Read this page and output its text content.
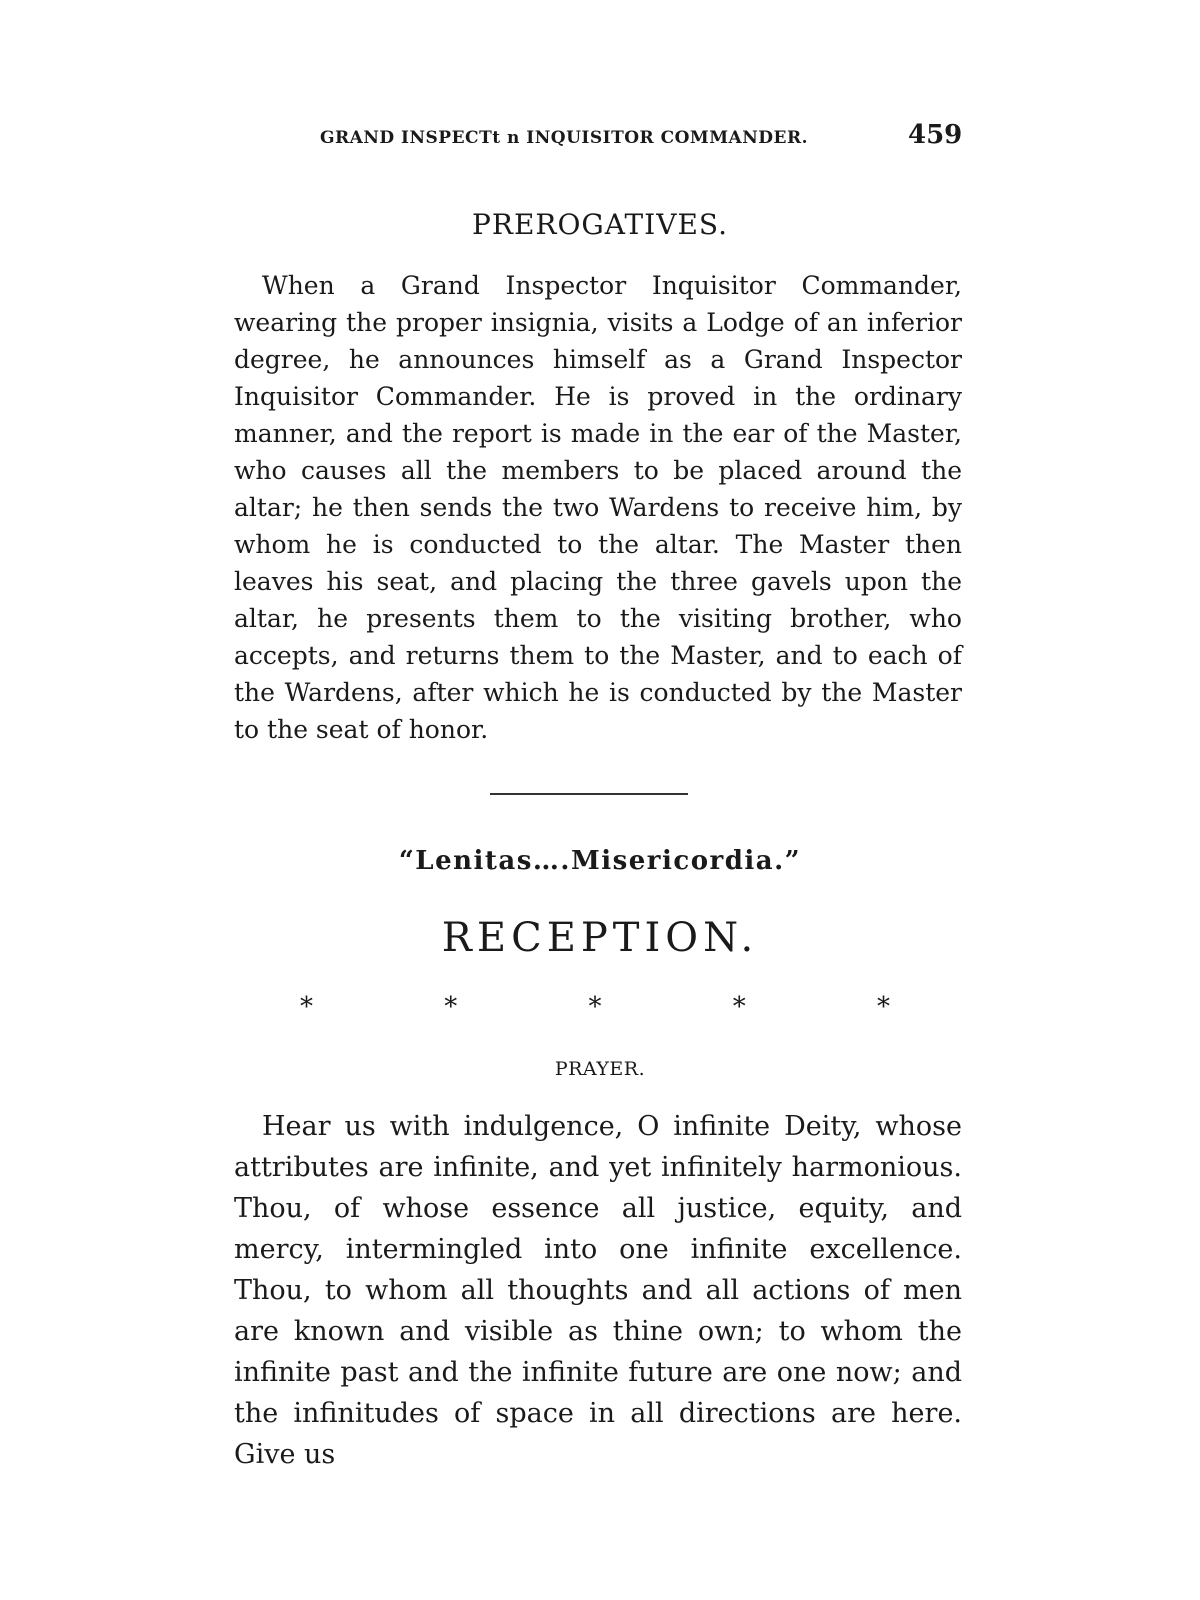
GRAND INSPECTt n INQUISITOR COMMANDER.	459
PREROGATIVES.

When a Grand Inspector Inquisitor Commander, wearing the proper insignia, visits a Lodge of an inferior degree, he announces himself as a Grand Inspector Inquisitor Commander. He is proved in the ordinary manner, and the report is made in the ear of the Master, who causes all the members to be placed around the altar; he then sends the two Wardens to receive him, by whom he is conducted to the altar. The Master then leaves his seat, and placing the three gavels upon the altar, he presents them to the visiting brother, who accepts, and returns them to the Master, and to each of the Wardens, after which he is conducted by the Master to the seat of honor.

“Lenitas….Misericordia.”
RECEPTION.
*	*	*	*	*
PRAYER.

Hear us with indulgence, O infinite Deity, whose attributes are infinite, and yet infinitely harmonious. Thou, of whose essence all justice, equity, and mercy, intermingled into one infinite excellence. Thou, to whom all thoughts and all actions of men are known and visible as thine own; to whom the infinite past and the infinite future are one now; and the infinitudes of space in all directions are here. Give us
